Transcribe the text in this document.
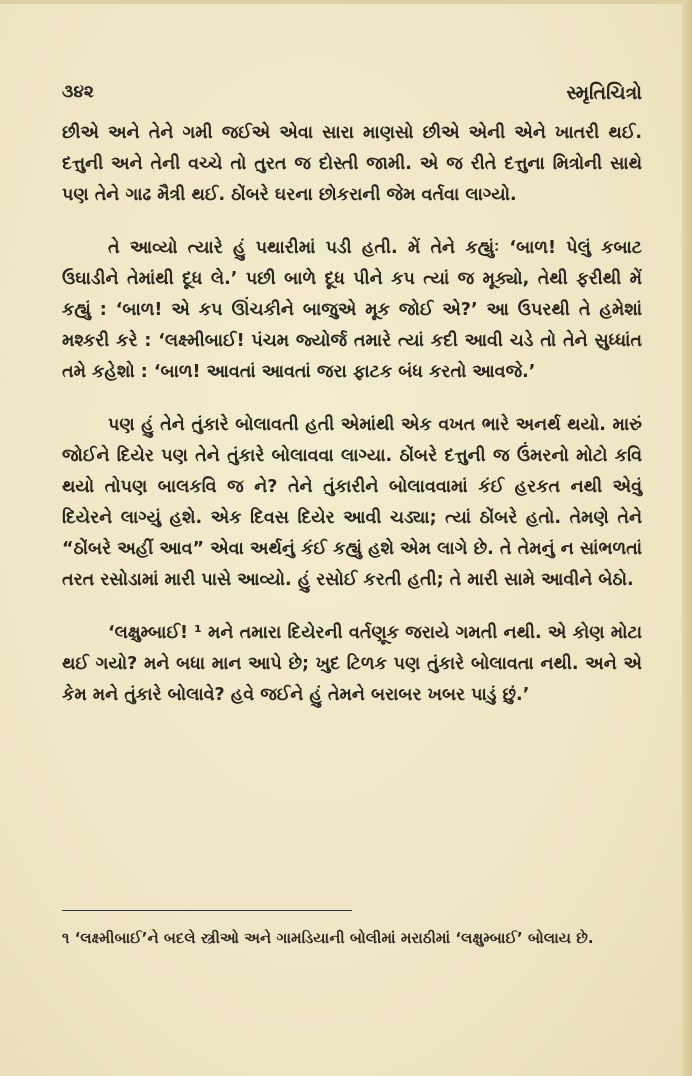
૩૪૨	સ્મૃતિચિત્રો

છીએ અને તેને ગમી જઈએ એવા સારા માણસો છીએ એની એને ખાતરી થઈ. દત્તુની અને તેની વચ્ચે તો તુરત જ દોસ્તી જામી. એ જ રીતે દત્તુના મિત્રોની સાથે પણ તેને ગાઢ મૈત્રી થઈ. ઠોંબરે ઘરના છોકરાની જેમ વર્તવા લાગ્યો.

તે આવ્યો ત્યારે હું પથારીમાં પડી હતી. મેં તેને કહ્યુંઃ ‘બાળ! પેલું કબાટ ઉઘાડીને તેમાંથી દૂધ લે.’ પછી બાળે દૂધ પીને કપ ત્યાં જ મૂક્યો, તેથી ફરીથી મેં કહ્યું : ‘બાળ! એ કપ ઊંચકીને બાજુએ મૂક જોઈ એ?’ આ ઉપરથી તે હમેશાં મશ્કરી કરે : ‘લક્ષ્મીબાઈ! પંચમ જ્યોર્જ તમારે ત્યાં કદી આવી ચડે તો તેને સુધ્ધાંત તમે કહેશો : ‘બાળ! આવતાં આવતાં જરા ફાટક બંધ કરતો આવજે.’

પણ હું તેને તુંકારે બોલાવતી હતી એમાંથી એક વખત ભારે અનર્થ થયો. મારું જોઈને દિયેર પણ તેને તુંકારે બોલાવવા લાગ્યા. ઠોંબરે દત્તુની જ ઉંમરનો મોટો કવિ થયો તોપણ બાલકવિ જ ને? તેને તુંકારીને બોલાવવામાં કંઈ હરકત નથી એવું દિયેરને લાગ્યું હશે. એક દિવસ દિયેર આવી ચડ્યા; ત્યાં ઠોંબરે હતો. તેમણે તેને “ઠોંબરે અહીં આવ” એવા અર્થનું કંઈ કહ્યું હશે એમ લાગે છે. તે તેમનું ન સાંભળતાં તરત રસોડામાં મારી પાસે આવ્યો. હું રસોઈ કરતી હતી; તે મારી સામે આવીને બેઠો.

‘લક્ષુમ્બાઈ! ¹ મને તમારા દિયેરની વર્તણૂક જરાયે ગમતી નથી. એ કોણ મોટા થઈ ગયો? મને બધા માન આપે છે; ખુદ ટિળક પણ તુંકારે બોલાવતા નથી. અને એ કેમ મને તુંકારે બોલાવે? હવે જઈને હું તેમને બરાબર ખબર પાડું છું.’

૧ ‘લક્ષ્મીબાઈ’ને બદલે સ્ત્રીઓ અને ગામડિયાની બોલીમાં મરાઠીમાં ‘લક્ષુમ્બાઈ’ બોલાય છે.
